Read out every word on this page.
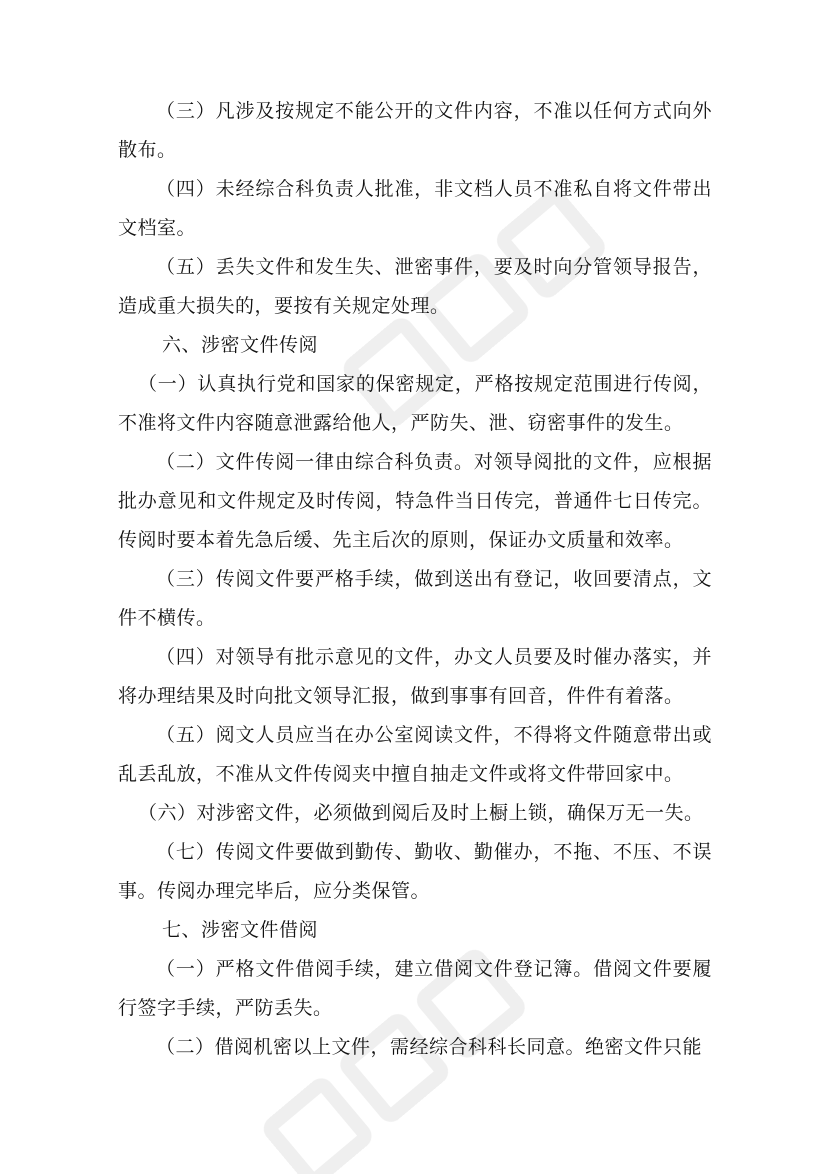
（三）凡涉及按规定不能公开的文件内容，不准以任何方式向外散布。

（四）未经综合科负责人批准，非文档人员不准私自将文件带出文档室。

（五）丢失文件和发生失、泄密事件，要及时向分管领导报告，造成重大损失的，要按有关规定处理。

六、涉密文件传阅

（一）认真执行党和国家的保密规定，严格按规定范围进行传阅，不准将文件内容随意泄露给他人，严防失、泄、窃密事件的发生。

（二）文件传阅一律由综合科负责。对领导阅批的文件，应根据批办意见和文件规定及时传阅，特急件当日传完，普通件七日传完。传阅时要本着先急后缓、先主后次的原则，保证办文质量和效率。

（三）传阅文件要严格手续，做到送出有登记，收回要清点，文件不横传。

（四）对领导有批示意见的文件，办文人员要及时催办落实，并将办理结果及时向批文领导汇报，做到事事有回音，件件有着落。

（五）阅文人员应当在办公室阅读文件，不得将文件随意带出或乱丢乱放，不准从文件传阅夹中擅自抽走文件或将文件带回家中。

（六）对涉密文件，必须做到阅后及时上橱上锁，确保万无一失。

（七）传阅文件要做到勤传、勤收、勤催办，不拖、不压、不误事。传阅办理完毕后，应分类保管。

七、涉密文件借阅

（一）严格文件借阅手续，建立借阅文件登记簿。借阅文件要履行签字手续，严防丢失。

（二）借阅机密以上文件，需经综合科科长同意。绝密文件只能
